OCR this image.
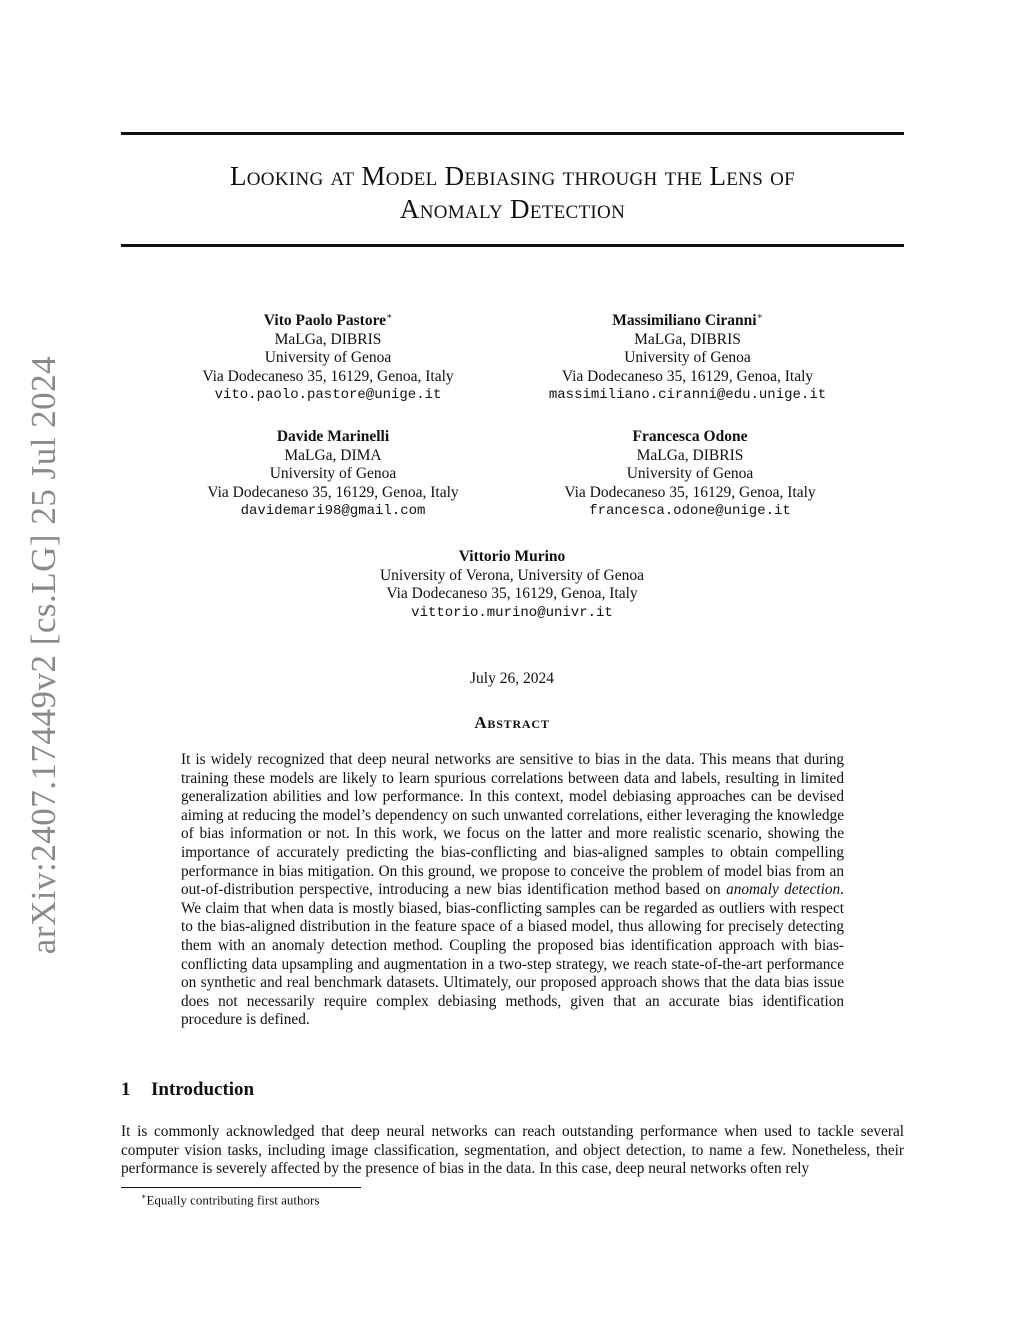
arXiv:2407.17449v2 [cs.LG] 25 Jul 2024
Looking at Model Debiasing through the Lens of
Anomaly Detection
Vito Paolo Pastore∗
MaLGa, DIBRIS
University of Genoa
Via Dodecaneso 35, 16129, Genoa, Italy
vito.paolo.pastore@unige.it
Massimiliano Ciranni∗
MaLGa, DIBRIS
University of Genoa
Via Dodecaneso 35, 16129, Genoa, Italy
massimiliano.ciranni@edu.unige.it
Davide Marinelli
MaLGa, DIMA
University of Genoa
Via Dodecaneso 35, 16129, Genoa, Italy
davidemari98@gmail.com
Francesca Odone
MaLGa, DIBRIS
University of Genoa
Via Dodecaneso 35, 16129, Genoa, Italy
francesca.odone@unige.it
Vittorio Murino
University of Verona, University of Genoa
Via Dodecaneso 35, 16129, Genoa, Italy
vittorio.murino@univr.it
July 26, 2024
Abstract
It is widely recognized that deep neural networks are sensitive to bias in the data. This means that during training these models are likely to learn spurious correlations between data and labels, resulting in limited generalization abilities and low performance. In this context, model debiasing approaches can be devised aiming at reducing the model’s dependency on such unwanted correlations, either leveraging the knowledge of bias information or not. In this work, we focus on the latter and more realistic scenario, showing the importance of accurately predicting the bias-conflicting and bias-aligned samples to obtain compelling performance in bias mitigation. On this ground, we propose to conceive the problem of model bias from an out-of-distribution perspective, introducing a new bias identification method based on anomaly detection. We claim that when data is mostly biased, bias-conflicting samples can be regarded as outliers with respect to the bias-aligned distribution in the feature space of a biased model, thus allowing for precisely detecting them with an anomaly detection method. Coupling the proposed bias identification approach with bias-conflicting data upsampling and augmentation in a two-step strategy, we reach state-of-the-art performance on synthetic and real benchmark datasets. Ultimately, our proposed approach shows that the data bias issue does not necessarily require complex debiasing methods, given that an accurate bias identification procedure is defined.
1 Introduction
It is commonly acknowledged that deep neural networks can reach outstanding performance when used to tackle several computer vision tasks, including image classification, segmentation, and object detection, to name a few. Nonetheless, their performance is severely affected by the presence of bias in the data. In this case, deep neural networks often rely
∗Equally contributing first authors
